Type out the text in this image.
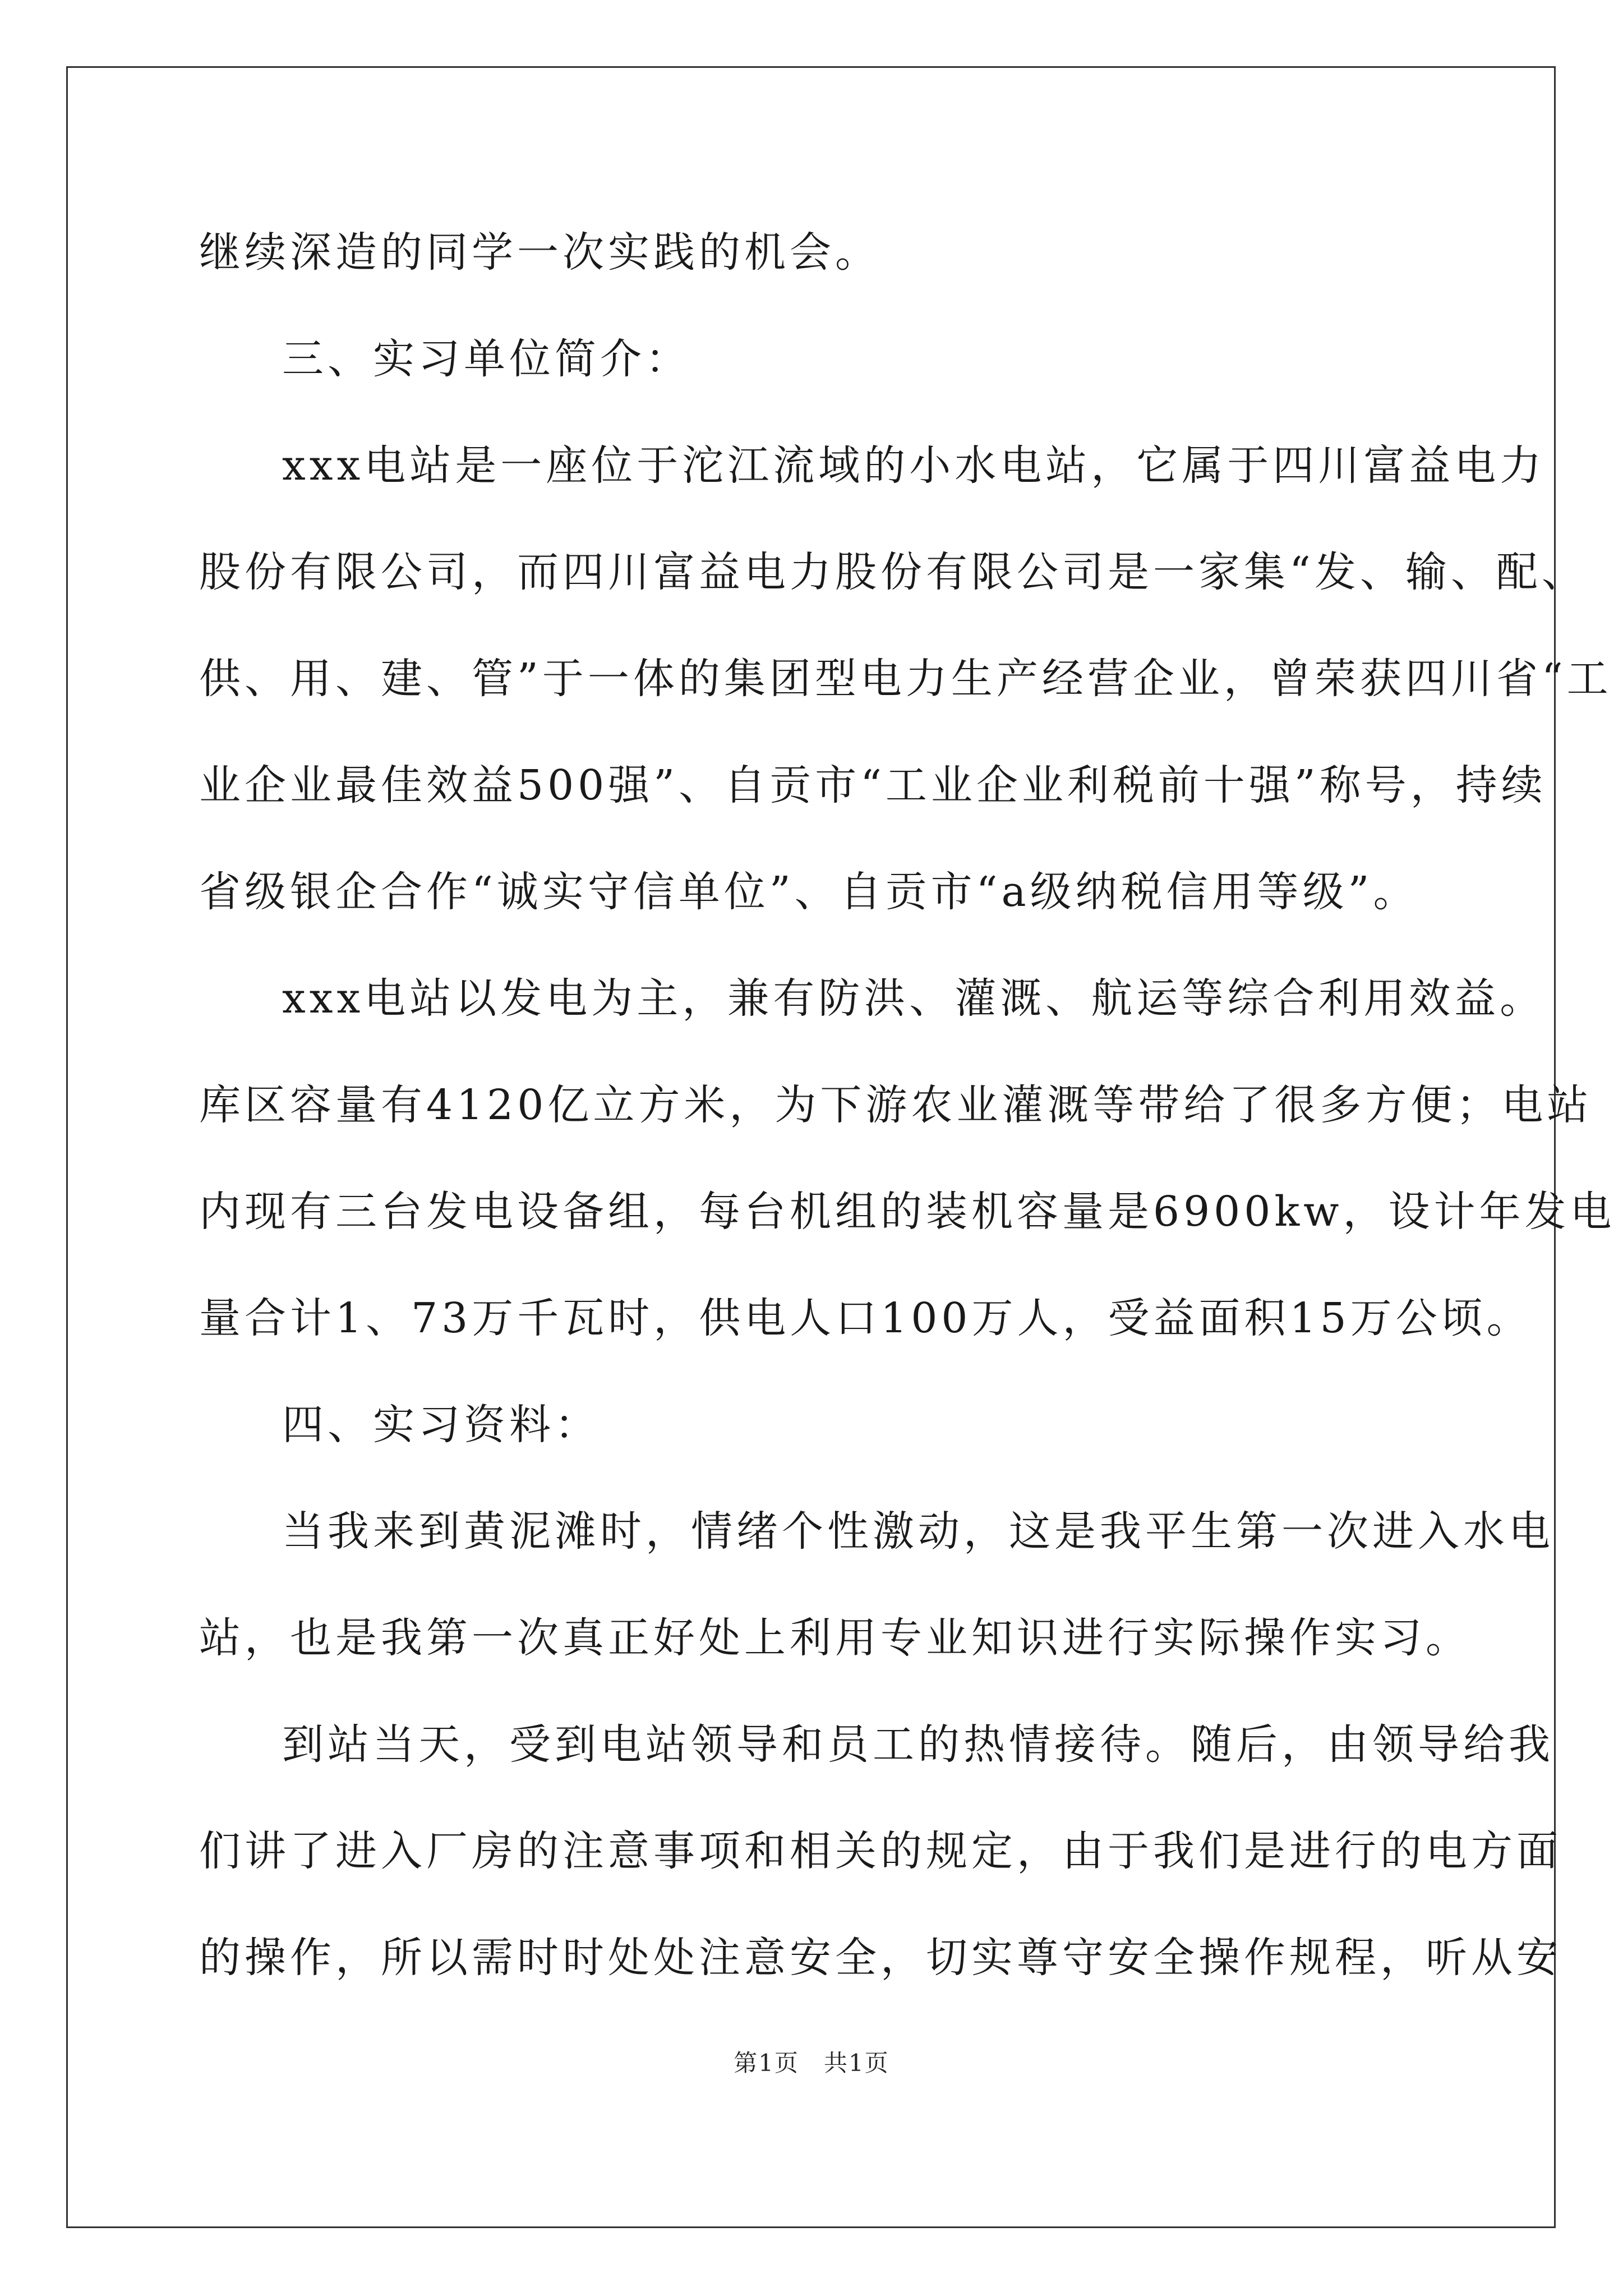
继续深造的同学一次实践的机会。
三、实习单位简介：
xxx电站是一座位于沱江流域的小水电站，它属于四川富益电力
股份有限公司，而四川富益电力股份有限公司是一家集“发、输、配、
供、用、建、管”于一体的集团型电力生产经营企业，曾荣获四川省“工
业企业最佳效益500强”、自贡市“工业企业利税前十强”称号，持续
省级银企合作“诚实守信单位”、自贡市“a级纳税信用等级”。
xxx电站以发电为主，兼有防洪、灌溉、航运等综合利用效益。
库区容量有4120亿立方米，为下游农业灌溉等带给了很多方便；电站
内现有三台发电设备组，每台机组的装机容量是6900kw，设计年发电
量合计1、73万千瓦时，供电人口100万人，受益面积15万公顷。
四、实习资料：
当我来到黄泥滩时，情绪个性激动，这是我平生第一次进入水电
站，也是我第一次真正好处上利用专业知识进行实际操作实习。
到站当天，受到电站领导和员工的热情接待。随后，由领导给我
们讲了进入厂房的注意事项和相关的规定，由于我们是进行的电方面
的操作，所以需时时处处注意安全，切实尊守安全操作规程，听从安
第1页　共1页
